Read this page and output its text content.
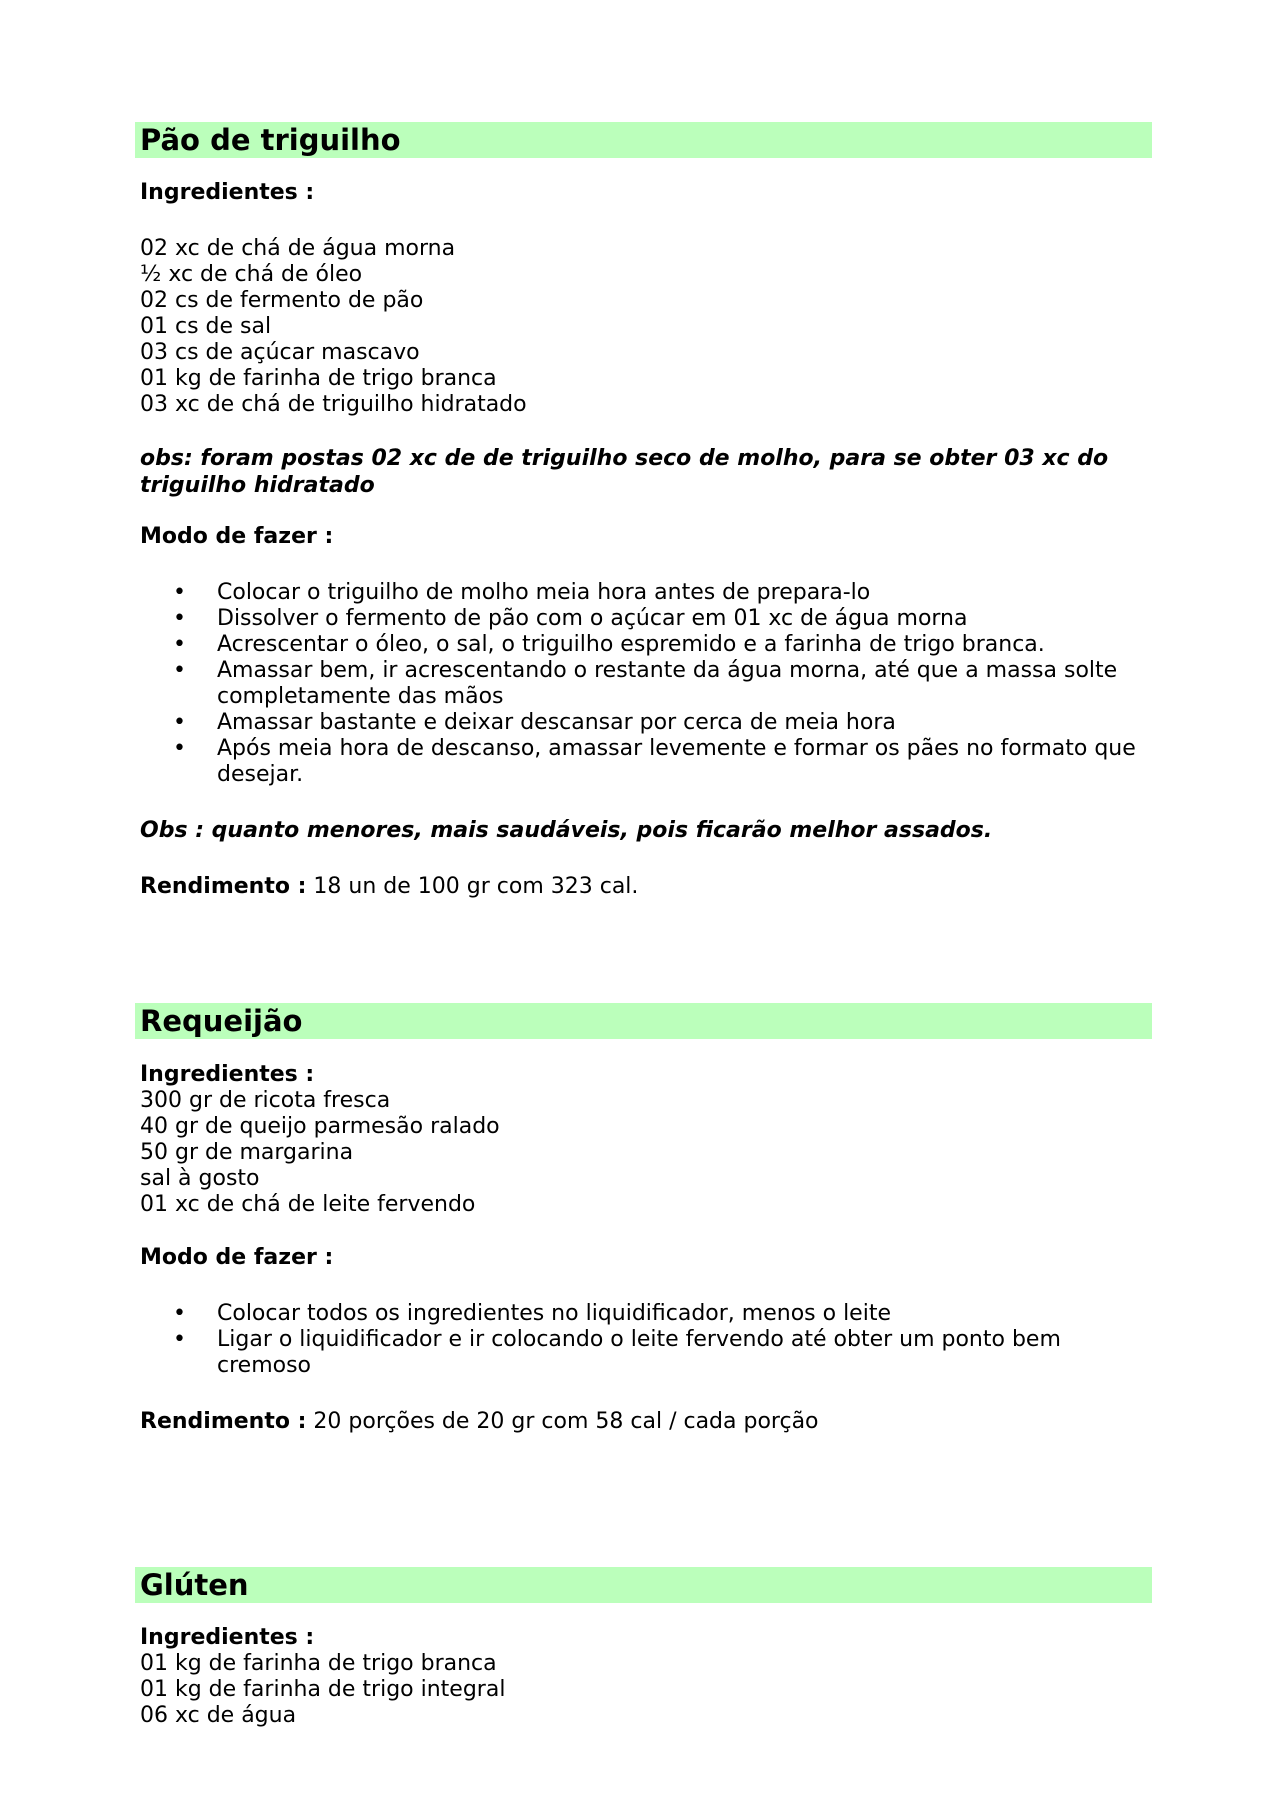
Pão de triguilho

Ingredientes :

02 xc de chá de água morna

½ xc de chá de óleo

02 cs de fermento de pão

01 cs de sal

03 cs de açúcar mascavo

01 kg de farinha de trigo branca

03 xc de chá de triguilho hidratado

obs: foram postas 02 xc de de triguilho seco de molho, para se obter 03 xc do triguilho hidratado

Modo de fazer :

• Colocar o triguilho de molho meia hora antes de prepara-lo
• Dissolver o fermento de pão com o açúcar em 01 xc de água morna
• Acrescentar o óleo, o sal, o triguilho espremido e a farinha de trigo branca.
• Amassar bem, ir acrescentando o restante da água morna, até que a massa solte completamente das mãos
• Amassar bastante e deixar descansar por cerca de meia hora
• Após meia hora de descanso, amassar levemente e formar os pães no formato que desejar.

Obs : quanto menores, mais saudáveis, pois ficarão melhor assados.

Rendimento : 18 un de 100 gr com 323 cal.

Requeijão

Ingredientes :

300 gr de ricota fresca

40 gr de queijo parmesão ralado

50 gr de margarina

sal à gosto

01 xc de chá de leite fervendo

Modo de fazer :

• Colocar todos os ingredientes no liquidificador, menos o leite
• Ligar o liquidificador e ir colocando o leite fervendo até obter um ponto bem cremoso

Rendimento : 20 porções de 20 gr com 58 cal / cada porção

Glúten

Ingredientes :

01 kg de farinha de trigo branca

01 kg de farinha de trigo integral

06 xc de água
